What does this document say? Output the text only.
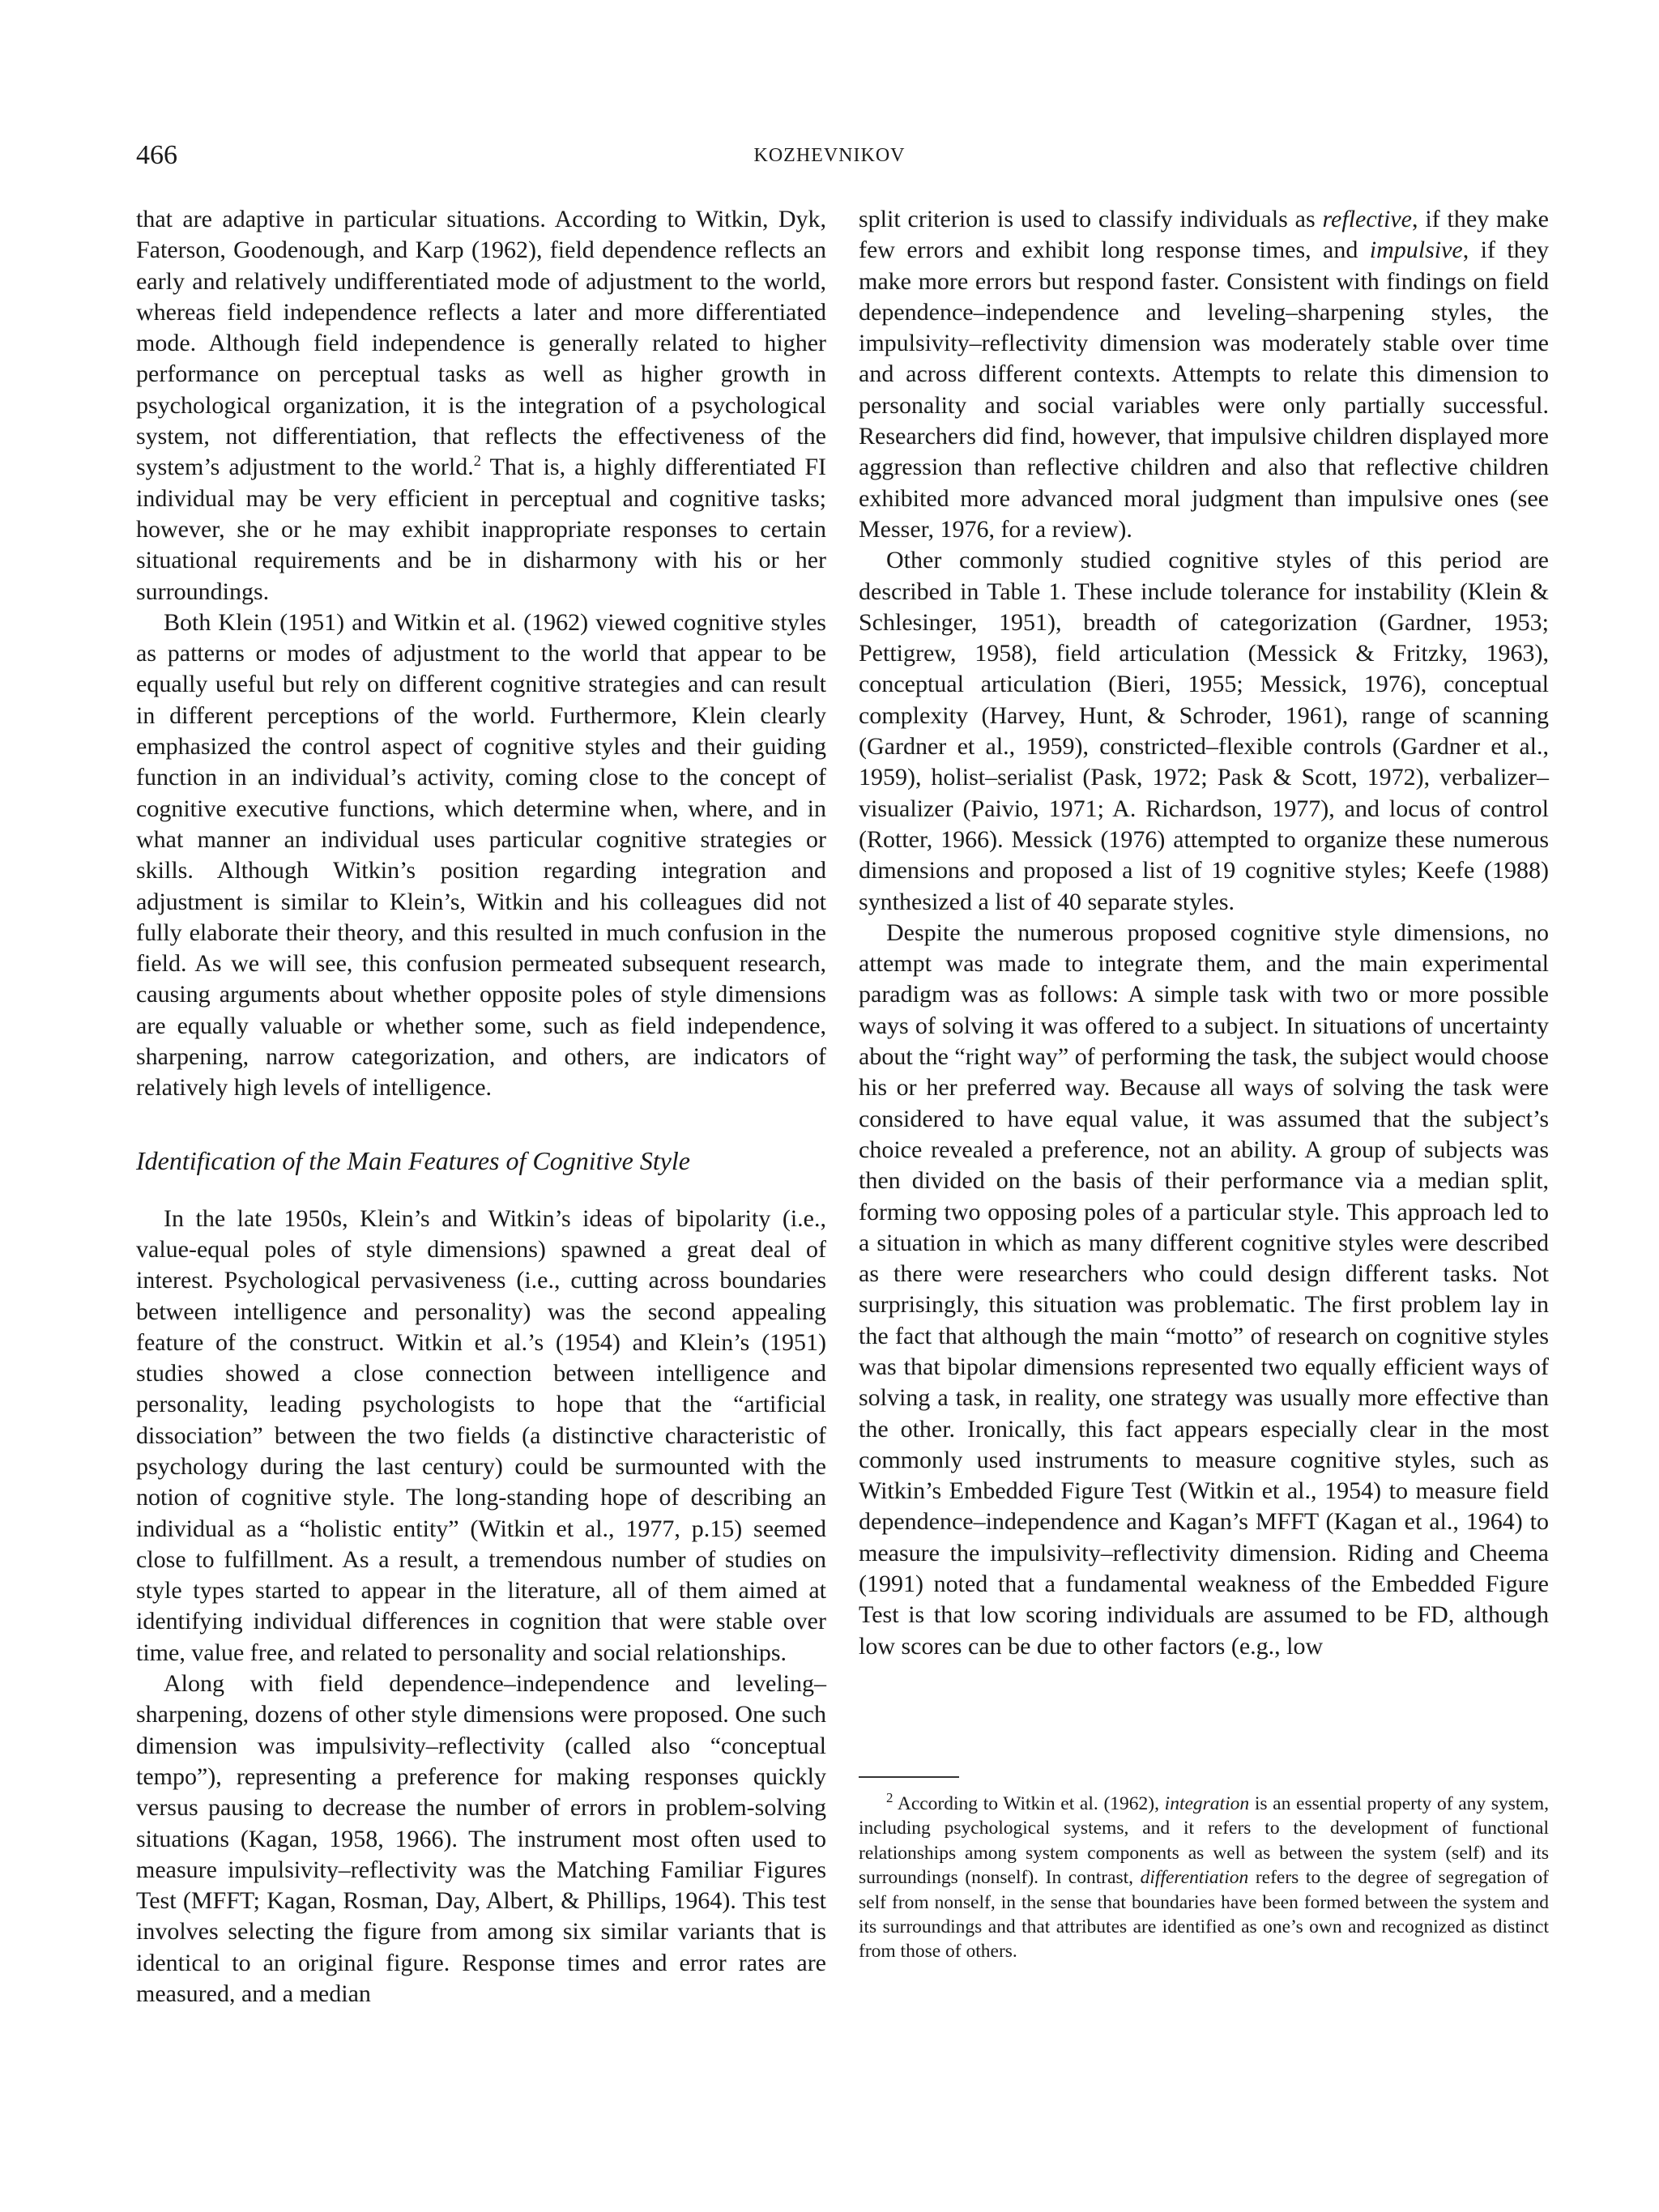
466	KOZHEVNIKOV

that are adaptive in particular situations. According to Witkin, Dyk, Faterson, Goodenough, and Karp (1962), field dependence reflects an early and relatively undifferentiated mode of adjustment to the world, whereas field independence reflects a later and more differentiated mode. Although field independence is generally related to higher performance on perceptual tasks as well as higher growth in psychological organization, it is the integration of a psychological system, not differentiation, that reflects the effectiveness of the system’s adjustment to the world.$^2$ That is, a highly differentiated FI individual may be very efficient in perceptual and cognitive tasks; however, she or he may exhibit inappropriate responses to certain situational requirements and be in disharmony with his or her surroundings.

Both Klein (1951) and Witkin et al. (1962) viewed cognitive styles as patterns or modes of adjustment to the world that appear to be equally useful but rely on different cognitive strategies and can result in different perceptions of the world. Furthermore, Klein clearly emphasized the control aspect of cognitive styles and their guiding function in an individual’s activity, coming close to the concept of cognitive executive functions, which determine when, where, and in what manner an individual uses particular cognitive strategies or skills. Although Witkin’s position regarding integration and adjustment is similar to Klein’s, Witkin and his colleagues did not fully elaborate their theory, and this resulted in much confusion in the field. As we will see, this confusion permeated subsequent research, causing arguments about whether opposite poles of style dimensions are equally valuable or whether some, such as field independence, sharpening, narrow categorization, and others, are indicators of relatively high levels of intelligence.

Identification of the Main Features of Cognitive Style

In the late 1950s, Klein’s and Witkin’s ideas of bipolarity (i.e., value-equal poles of style dimensions) spawned a great deal of interest. Psychological pervasiveness (i.e., cutting across boundaries between intelligence and personality) was the second appealing feature of the construct. Witkin et al.’s (1954) and Klein’s (1951) studies showed a close connection between intelligence and personality, leading psychologists to hope that the “artificial dissociation” between the two fields (a distinctive characteristic of psychology during the last century) could be surmounted with the notion of cognitive style. The long-standing hope of describing an individual as a “holistic entity” (Witkin et al., 1977, p.15) seemed close to fulfillment. As a result, a tremendous number of studies on style types started to appear in the literature, all of them aimed at identifying individual differences in cognition that were stable over time, value free, and related to personality and social relationships.

Along with field dependence–independence and leveling–sharpening, dozens of other style dimensions were proposed. One such dimension was impulsivity–reflectivity (called also “conceptual tempo”), representing a preference for making responses quickly versus pausing to decrease the number of errors in problem-solving situations (Kagan, 1958, 1966). The instrument most often used to measure impulsivity–reflectivity was the Matching Familiar Figures Test (MFFT; Kagan, Rosman, Day, Albert, & Phillips, 1964). This test involves selecting the figure from among six similar variants that is identical to an original figure. Response times and error rates are measured, and a median

split criterion is used to classify individuals as reflective, if they make few errors and exhibit long response times, and impulsive, if they make more errors but respond faster. Consistent with findings on field dependence–independence and leveling–sharpening styles, the impulsivity–reflectivity dimension was moderately stable over time and across different contexts. Attempts to relate this dimension to personality and social variables were only partially successful. Researchers did find, however, that impulsive children displayed more aggression than reflective children and also that reflective children exhibited more advanced moral judgment than impulsive ones (see Messer, 1976, for a review).

Other commonly studied cognitive styles of this period are described in Table 1. These include tolerance for instability (Klein & Schlesinger, 1951), breadth of categorization (Gardner, 1953; Pettigrew, 1958), field articulation (Messick & Fritzky, 1963), conceptual articulation (Bieri, 1955; Messick, 1976), conceptual complexity (Harvey, Hunt, & Schroder, 1961), range of scanning (Gardner et al., 1959), constricted–flexible controls (Gardner et al., 1959), holist–serialist (Pask, 1972; Pask & Scott, 1972), verbalizer–visualizer (Paivio, 1971; A. Richardson, 1977), and locus of control (Rotter, 1966). Messick (1976) attempted to organize these numerous dimensions and proposed a list of 19 cognitive styles; Keefe (1988) synthesized a list of 40 separate styles.

Despite the numerous proposed cognitive style dimensions, no attempt was made to integrate them, and the main experimental paradigm was as follows: A simple task with two or more possible ways of solving it was offered to a subject. In situations of uncertainty about the “right way” of performing the task, the subject would choose his or her preferred way. Because all ways of solving the task were considered to have equal value, it was assumed that the subject’s choice revealed a preference, not an ability. A group of subjects was then divided on the basis of their performance via a median split, forming two opposing poles of a particular style. This approach led to a situation in which as many different cognitive styles were described as there were researchers who could design different tasks. Not surprisingly, this situation was problematic. The first problem lay in the fact that although the main “motto” of research on cognitive styles was that bipolar dimensions represented two equally efficient ways of solving a task, in reality, one strategy was usually more effective than the other. Ironically, this fact appears especially clear in the most commonly used instruments to measure cognitive styles, such as Witkin’s Embedded Figure Test (Witkin et al., 1954) to measure field dependence–independence and Kagan’s MFFT (Kagan et al., 1964) to measure the impulsivity–reflectivity dimension. Riding and Cheema (1991) noted that a fundamental weakness of the Embedded Figure Test is that low scoring individuals are assumed to be FD, although low scores can be due to other factors (e.g., low

$^2$ According to Witkin et al. (1962), integration is an essential property of any system, including psychological systems, and it refers to the development of functional relationships among system components as well as between the system (self) and its surroundings (nonself). In contrast, differentiation refers to the degree of segregation of self from nonself, in the sense that boundaries have been formed between the system and its surroundings and that attributes are identified as one’s own and recognized as distinct from those of others.
